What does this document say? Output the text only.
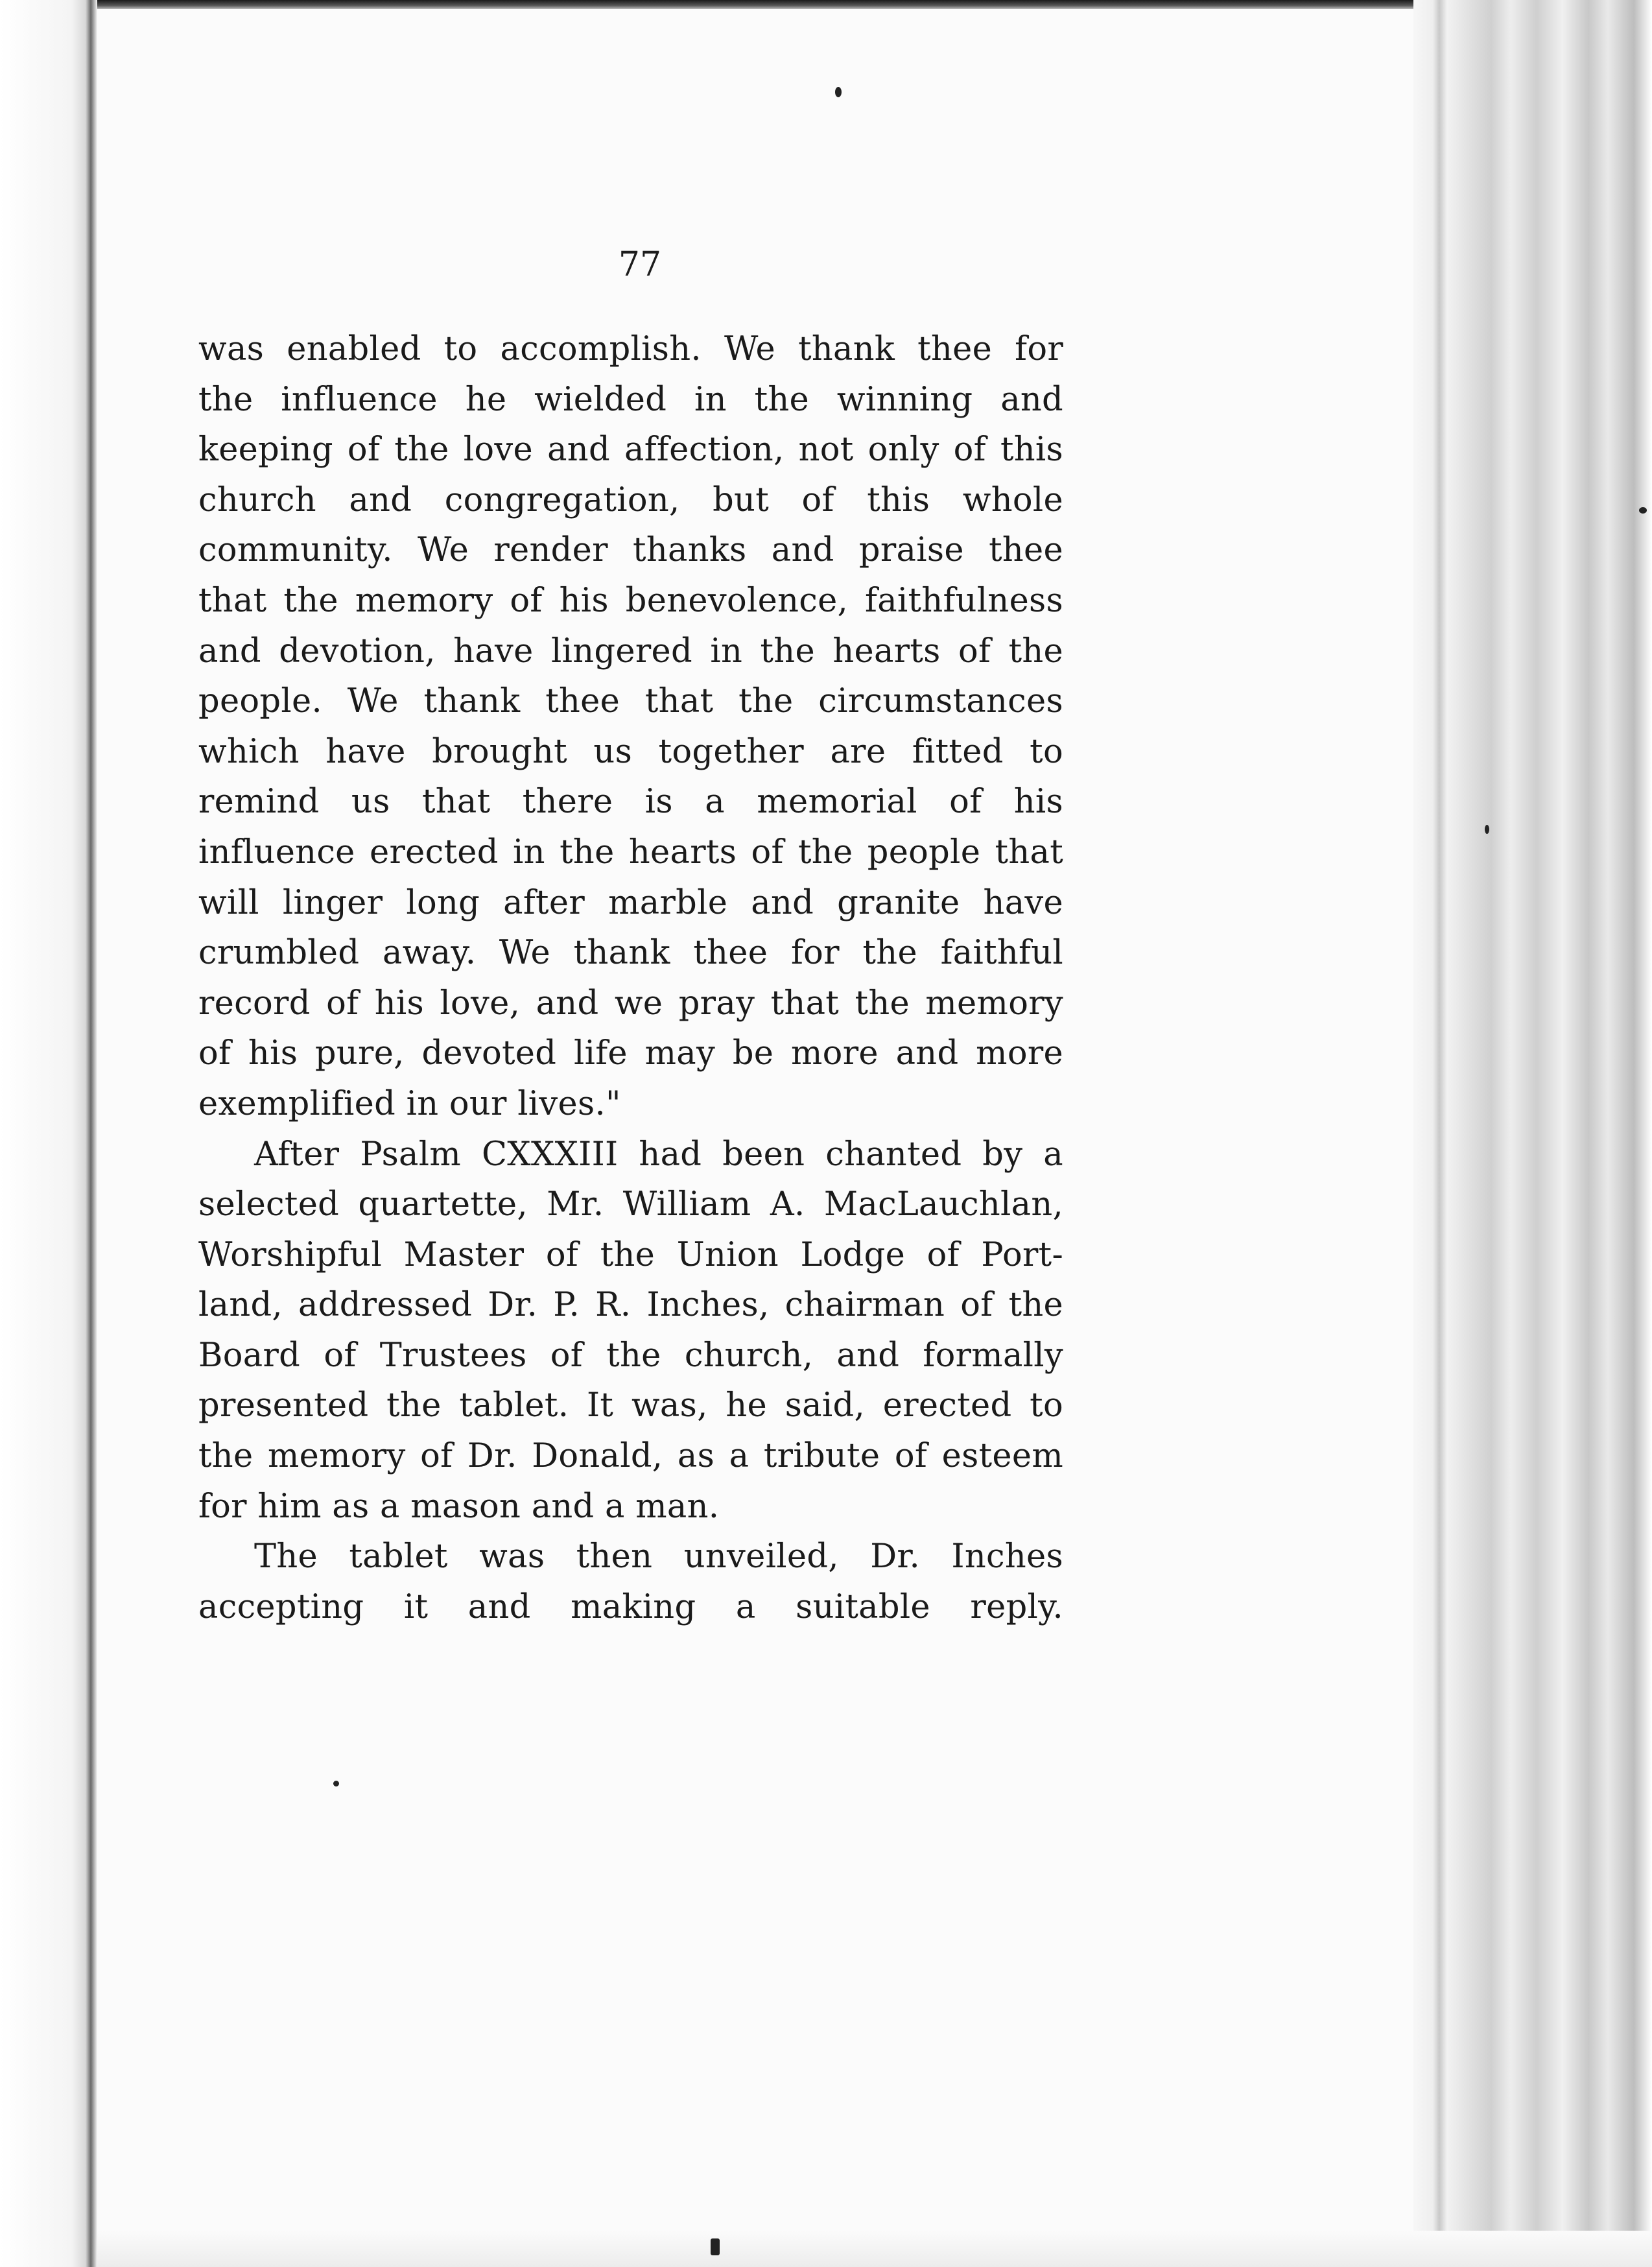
77
was enabled to accomplish. We thank thee for
the influence he wielded in the winning and
keeping of the love and affection, not only of this
church and congregation, but of this whole
community. We render thanks and praise thee
that the memory of his benevolence, faithfulness
and devotion, have lingered in the hearts of the
people. We thank thee that the circumstances
which have brought us together are fitted to
remind us that there is a memorial of his
influence erected in the hearts of the people that
will linger long after marble and granite have
crumbled away. We thank thee for the faithful
record of his love, and we pray that the memory
of his pure, devoted life may be more and more
exemplified in our lives."
After Psalm CXXXIII had been chanted by a
selected quartette, Mr. William A. MacLauchlan,
Worshipful Master of the Union Lodge of Port-
land, addressed Dr. P. R. Inches, chairman of the
Board of Trustees of the church, and formally
presented the tablet. It was, he said, erected to
the memory of Dr. Donald, as a tribute of esteem
for him as a mason and a man.
The tablet was then unveiled, Dr. Inches
accepting it and making a suitable reply.
